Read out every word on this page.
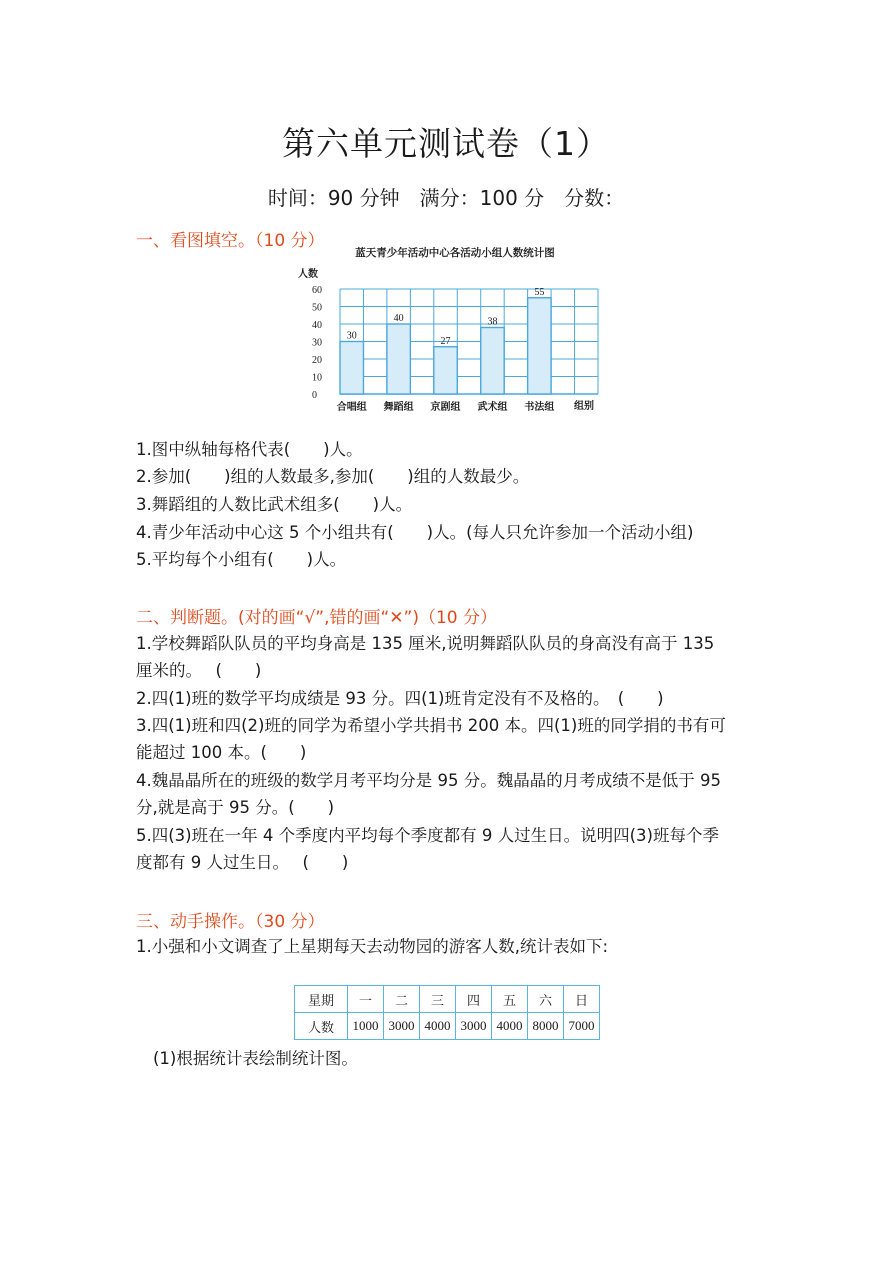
第六单元测试卷（1）
时间：90 分钟　满分：100 分　分数：
一、看图填空。（10 分）
蓝天青少年活动中心各活动小组人数统计图
人数
组别
0
10
20
30
40
50
60
30
合唱组
40
舞蹈组
27
京剧组
38
武术组
55
书法组
1.图中纵轴每格代表(　　)人。
2.参加(　　)组的人数最多,参加(　　)组的人数最少。
3.舞蹈组的人数比武术组多(　　)人。
4.青少年活动中心这 5 个小组共有(　　)人。(每人只允许参加一个活动小组)
5.平均每个小组有(　　)人。
二、判断题。(对的画“√”,错的画“✕”)（10 分）
1.学校舞蹈队队员的平均身高是 135 厘米,说明舞蹈队队员的身高没有高于 135
厘米的。　 (　　)
2.四(1)班的数学平均成绩是 93 分。四(1)班肯定没有不及格的。　(　　)
3.四(1)班和四(2)班的同学为希望小学共捐书 200 本。四(1)班的同学捐的书有可
能超过 100 本。(　　)
4.魏晶晶所在的班级的数学月考平均分是 95 分。魏晶晶的月考成绩不是低于 95
分,就是高于 95 分。(　　)
5.四(3)班在一年 4 个季度内平均每个季度都有 9 人过生日。说明四(3)班每个季
度都有 9 人过生日。　 (　　)
三、动手操作。（30 分）
1.小强和小文调查了上星期每天去动物园的游客人数,统计表如下:
星期	一	二	三	四	五	六	日
人数	1000	3000	4000	3000	4000	8000	7000
(1)根据统计表绘制统计图。
